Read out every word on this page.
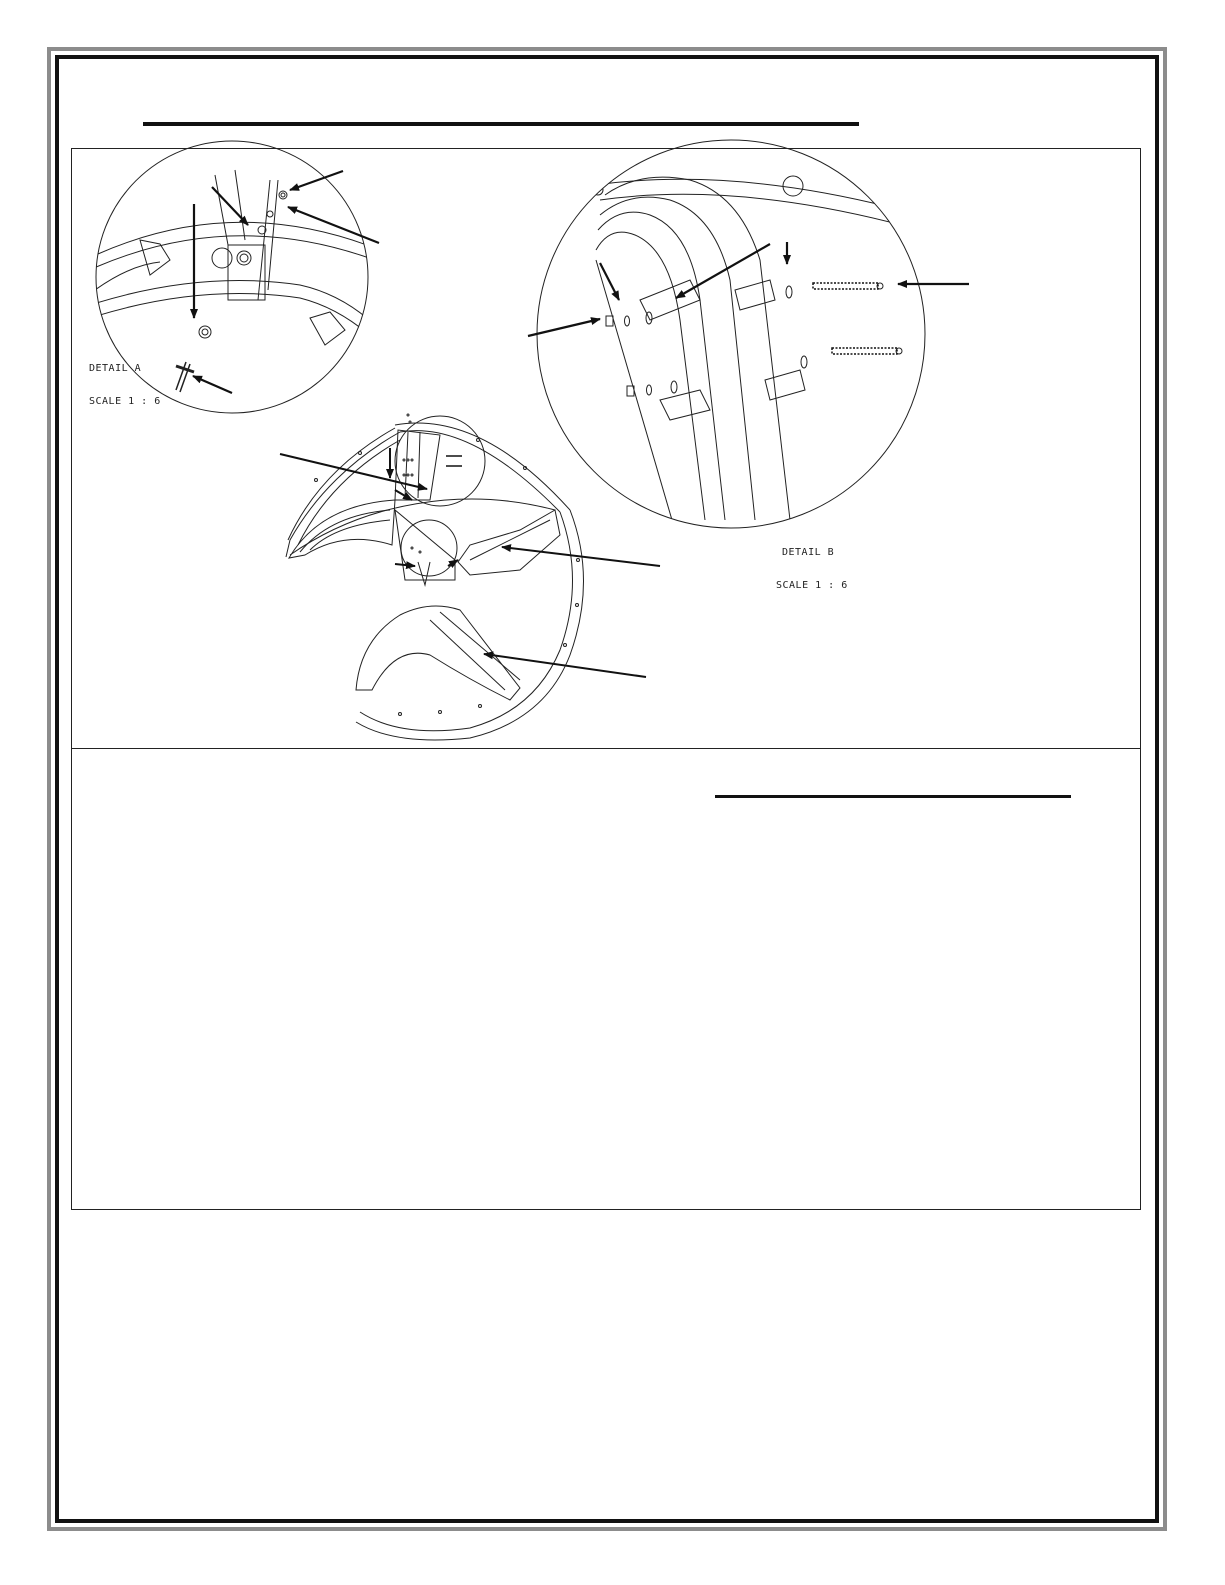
DETAIL A

SCALE 1 : 6

DETAIL B

SCALE 1 : 6
